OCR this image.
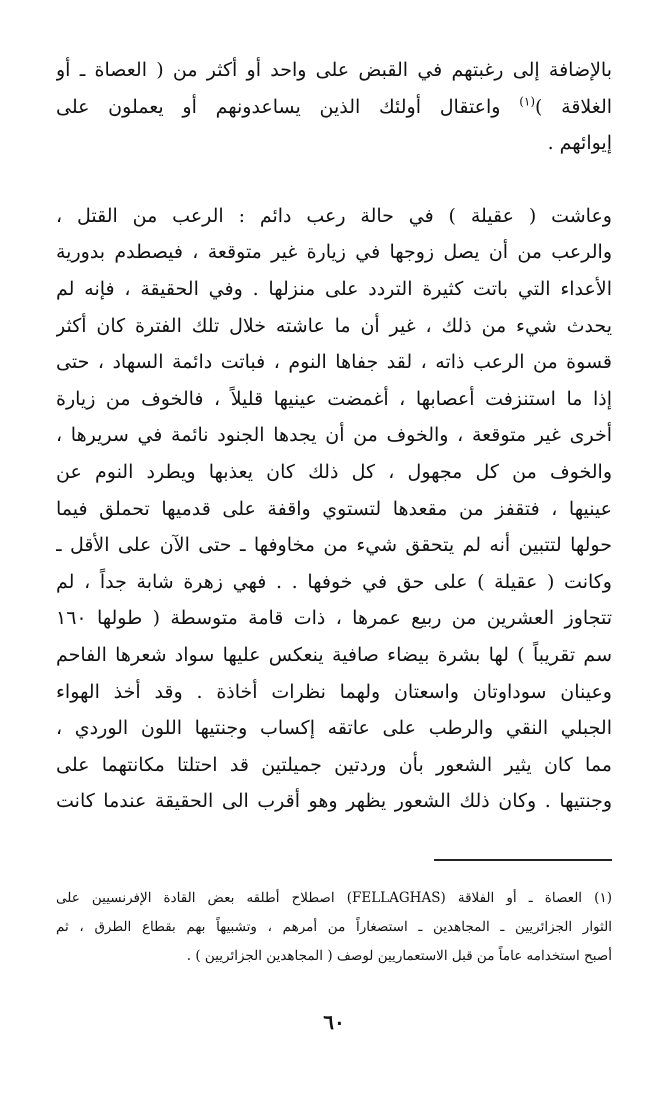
بالإضافة إلى رغبتهم في القبض على واحد أو أكثر من ( العصاة ـ أو
الغلاقة )$^{(١)}$ واعتقال أولئك الذين يساعدونهم أو يعملون على
إيوائهم .

وعاشت ( عقيلة ) في حالة رعب دائم : الرعب من القتل ،
والرعب من أن يصل زوجها في زيارة غير متوقعة ، فيصطدم بدورية
الأعداء التي باتت كثيرة التردد على منزلها . وفي الحقيقة ، فإنه لم
يحدث شيء من ذلك ، غير أن ما عاشته خلال تلك الفترة كان أكثر
قسوة من الرعب ذاته ، لقد جفاها النوم ، فباتت دائمة السهاد ، حتى
إذا ما استنزفت أعصابها ، أغمضت عينيها قليلاً ، فالخوف من زيارة
أخرى غير متوقعة ، والخوف من أن يجدها الجنود نائمة في سريرها ،
والخوف من كل مجهول ، كل ذلك كان يعذبها ويطرد النوم عن
عينيها ، فتقفز من مقعدها لتستوي واقفة على قدميها تحملق فيما
حولها لتتبين أنه لم يتحقق شيء من مخاوفها ـ حتى الآن على الأقل ـ
وكانت ( عقيلة ) على حق في خوفها . . فهي زهرة شابة جداً ، لم
تتجاوز العشرين من ربيع عمرها ، ذات قامة متوسطة ( طولها ١٦٠
سم تقريباً ) لها بشرة بيضاء صافية ينعكس عليها سواد شعرها الفاحم
وعينان سوداوتان واسعتان ولهما نظرات أخاذة . وقد أخذ الهواء
الجبلي النقي والرطب على عاتقه إكساب وجنتيها اللون الوردي ،
مما كان يثير الشعور بأن وردتين جميلتين قد احتلتا مكانتهما على
وجنتيها . وكان ذلك الشعور يظهر وهو أقرب الى الحقيقة عندما كانت

(١) العصاة ـ أو الفلاقة (FELLAGHAS) اصطلاح أطلقه بعض القادة الإفرنسيين على
الثوار الجزائريين ـ المجاهدين ـ استصغاراً من أمرهم ، وتشبيهاً بهم بقطاع الطرق ، ثم
أصبح استخدامه عاماً من قبل الاستعماريين لوصف ( المجاهدين الجزائريين ) .
٦٠
